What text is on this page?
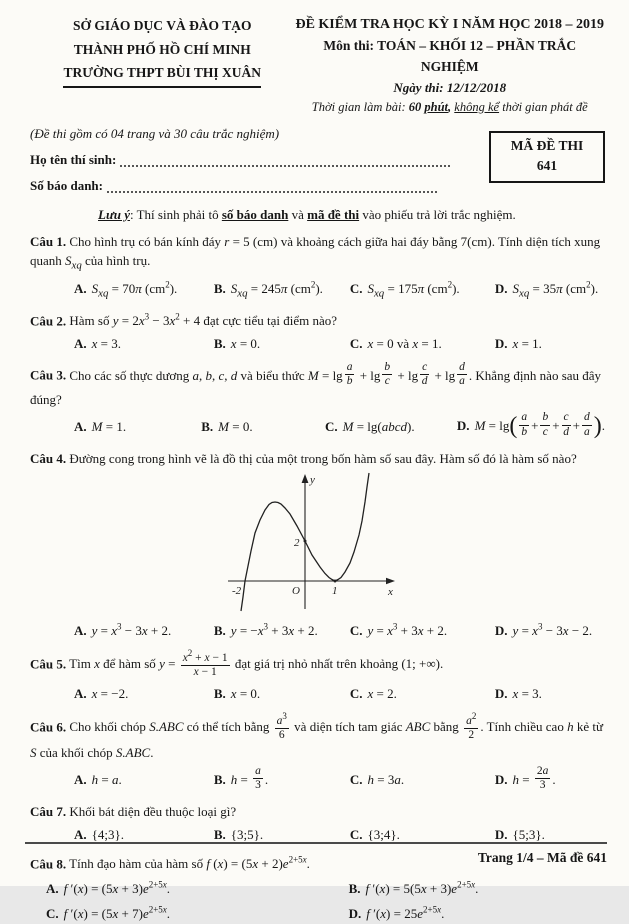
SỞ GIÁO DỤC VÀ ĐÀO TẠO
THÀNH PHỐ HỒ CHÍ MINH
TRƯỜNG THPT BÙI THỊ XUÂN
ĐỀ KIỂM TRA HỌC KỲ I NĂM HỌC 2018 – 2019
Môn thi: TOÁN – KHỐI 12 – PHẦN TRẮC NGHIỆM
Ngày thi: 12/12/2018
Thời gian làm bài: 60 phút, không kể thời gian phát đề
(Đề thi gồm có 04 trang và 30 câu trắc nghiệm)
Họ tên thí sinh:
Số báo danh:
MÃ ĐỀ THI
641
Lưu ý: Thí sinh phải tô số báo danh và mã đề thi vào phiếu trả lời trắc nghiệm.

Câu 1. Cho hình trụ có bán kính đáy r = 5 (cm) và khoảng cách giữa hai đáy bằng 7(cm). Tính diện tích xung quanh $S_{xq}$ của hình trụ.

A. $S_{xq} = 70\pi$ $(cm^2)$.	B. $S_{xq} = 245\pi$ $(cm^2)$.	C. $S_{xq} = 175\pi$ $(cm^2)$.	D. $S_{xq} = 35\pi$ $(cm^2)$.

Câu 2. Hàm số $y = 2x^3 - 3x^2 + 4$ đạt cực tiểu tại điểm nào?

A. x = 3.	B. x = 0.	C. x = 0 và x = 1.	D. x = 1.

Câu 3. Cho các số thực dương a, b, c, d và biểu thức $M = \lg \frac{a}{b} + \lg \frac{b}{c} + \lg \frac{c}{d} + \lg \frac{d}{a}$ . Khẳng định nào sau đây đúng?

A. M = 1.	B. M = 0.	C. M = lg(abcd).	D. $M = \lg( \frac{a}{b} + \frac{b}{c} + \frac{c}{d} + \frac{d}{a}$ ).

Câu 4. Đường cong trong hình vẽ là đồ thị của một trong bốn hàm số sau đây. Hàm số đó là hàm số nào?

y
x
O
-2	1
2
A. $y = x^3 - 3x + 2$.	B. $y = -x^3 + 3x + 2$.	C. $y = x^3 + 3x + 2$.	D. $y = x^3 - 3x - 2$.

Câu 5. Tìm x để hàm số $y = \frac{x^2 + x - 1}{x - 1}$ đạt giá trị nhỏ nhất trên khoảng (1; +∞).

A. x = −2.	B. x = 0.	C. x = 2.	D. x = 3.

Câu 6. Cho khối chóp S.ABC có thể tích bằng $\frac{a^3}{6}$ và diện tích tam giác ABC bằng $\frac{a^2}{2}$ . Tính chiều cao h kẻ từ S của khối chóp S.ABC.

A. h = a.	B. $h = \frac{a}{3}$ .	C. h = 3a.	D. $h = \frac{2a}{3}$ .

Câu 7. Khối bát diện đều thuộc loại gì?

A. {4;3}.	B. {3;5}.	C. {3;4}.	D. {5;3}.

Câu 8. Tính đạo hàm của hàm số f $(x) = (5x + 2)e^{2+5x}$.

A. f $'(x) = (5x + 3)e^{2+5x}$.	B. f $'(x) = 5(5x + 3)e^{2+5x}$.
C. f $'(x) = (5x + 7)e^{2+5x}$.	D. f $'(x) = 25e^{2+5x}$.
Trang 1/4 – Mã đề 641
